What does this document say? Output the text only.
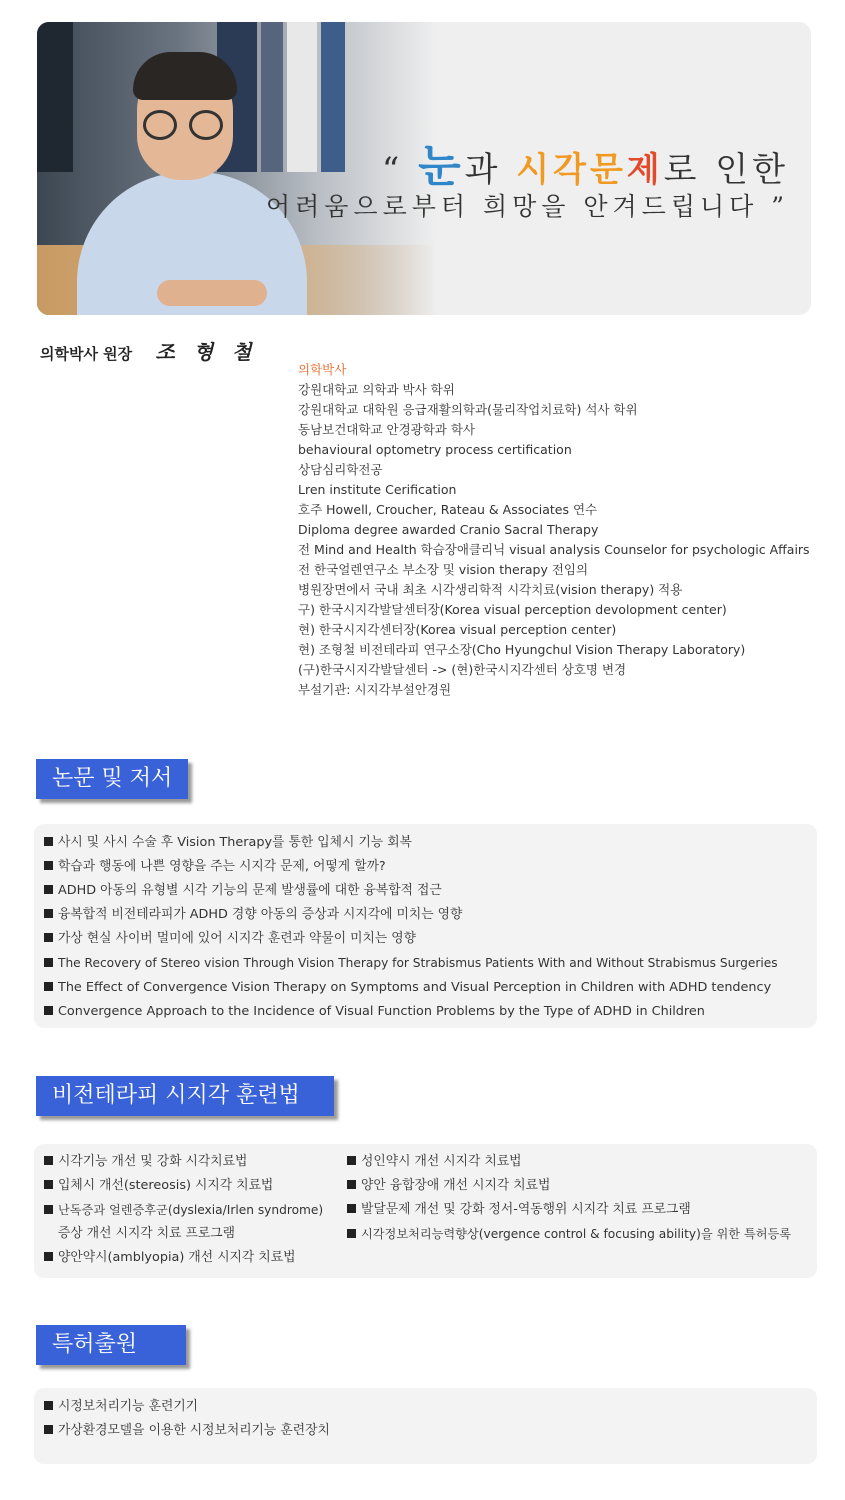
“ 눈과 시각문제로 인한
어려움으로부터 희망을 안겨드립니다 ”
의학박사 원장 조 형 철
의학박사
강원대학교 의학과 박사 학위
강원대학교 대학원 응급재활의학과(물리작업치료학) 석사 학위
동남보건대학교 안경광학과 학사
behavioural optometry process certification
상담심리학전공
Lren institute Cerification
호주 Howell, Croucher, Rateau & Associates 연수
Diploma degree awarded Cranio Sacral Therapy
전 Mind and Health 학습장애클리닉 visual analysis Counselor for psychologic Affairs
전 한국얼렌연구소 부소장 및 vision therapy 전임의
병원장면에서 국내 최초 시각생리학적 시각치료(vision therapy) 적용
구) 한국시지각발달센터장(Korea visual perception devolopment center)
현) 한국시지각센터장(Korea visual perception center)
현) 조형철 비전테라피 연구소장(Cho Hyungchul Vision Therapy Laboratory)
(구)한국시지각발달센터 -> (현)한국시지각센터 상호명 변경
부설기관: 시지각부설안경원
논문 및 저서
사시 및 사시 수술 후 Vision Therapy를 통한 입체시 기능 회복
학습과 행동에 나쁜 영향을 주는 시지각 문제, 어떻게 할까?
ADHD 아동의 유형별 시각 기능의 문제 발생률에 대한 융복합적 접근
융복합적 비전테라피가 ADHD 경향 아동의 증상과 시지각에 미치는 영향
가상 현실 사이버 멀미에 있어 시지각 훈련과 약물이 미치는 영향
The Recovery of Stereo vision Through Vision Therapy for Strabismus Patients With and Without Strabismus Surgeries
The Effect of Convergence Vision Therapy on Symptoms and Visual Perception in Children with ADHD tendency
Convergence Approach to the Incidence of Visual Function Problems by the Type of ADHD in Children
비전테라피 시지각 훈련법
시각기능 개선 및 강화 시각치료법
입체시 개선(stereosis) 시지각 치료법
난독증과 얼렌증후군(dyslexia/Irlen syndrome)
증상 개선 시지각 치료 프로그램
양안약시(amblyopia) 개선 시지각 치료법
성인약시 개선 시지각 치료법
양안 융합장애 개선 시지각 치료법
발달문제 개선 및 강화 정서-역동행위 시지각 치료 프로그램
시각정보처리능력향상(vergence control & focusing ability)을 위한 특허등록
특허출원
시정보처리기능 훈련기기
가상환경모델을 이용한 시정보처리기능 훈련장치
